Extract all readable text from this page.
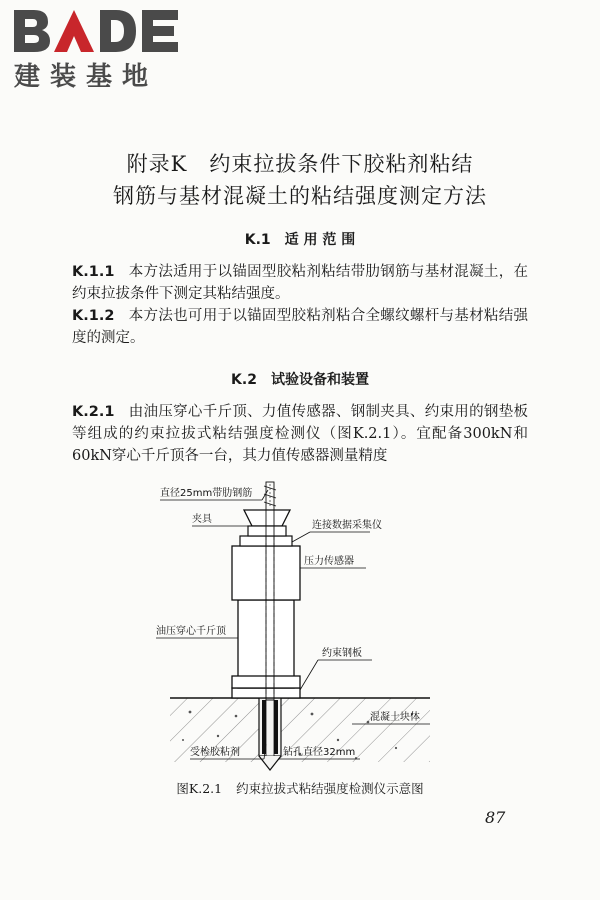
建装基地
附录K　约束拉拔条件下胶粘剂粘结
钢筋与基材混凝土的粘结强度测定方法
K.1 适 用 范 围
K.1.1 本方法适用于以锚固型胶粘剂粘结带肋钢筋与基材混凝土，在约束拉拔条件下测定其粘结强度。
K.1.2 本方法也可用于以锚固型胶粘剂粘合全螺纹螺杆与基材粘结强度的测定。
K.2 试验设备和装置
K.2.1 由油压穿心千斤顶、力值传感器、钢制夹具、约束用的钢垫板等组成的约束拉拔式粘结强度检测仪（图K.2.1）。宜配备300kN和60kN穿心千斤顶各一台，其力值传感器测量精度
直径25mm带肋钢筋
夹具
连接数据采集仪
压力传感器
油压穿心千斤顶
约束钢板
混凝土块体
受检胶粘剂	钻孔直径32mm
图K.2.1 约束拉拔式粘结强度检测仪示意图
87
